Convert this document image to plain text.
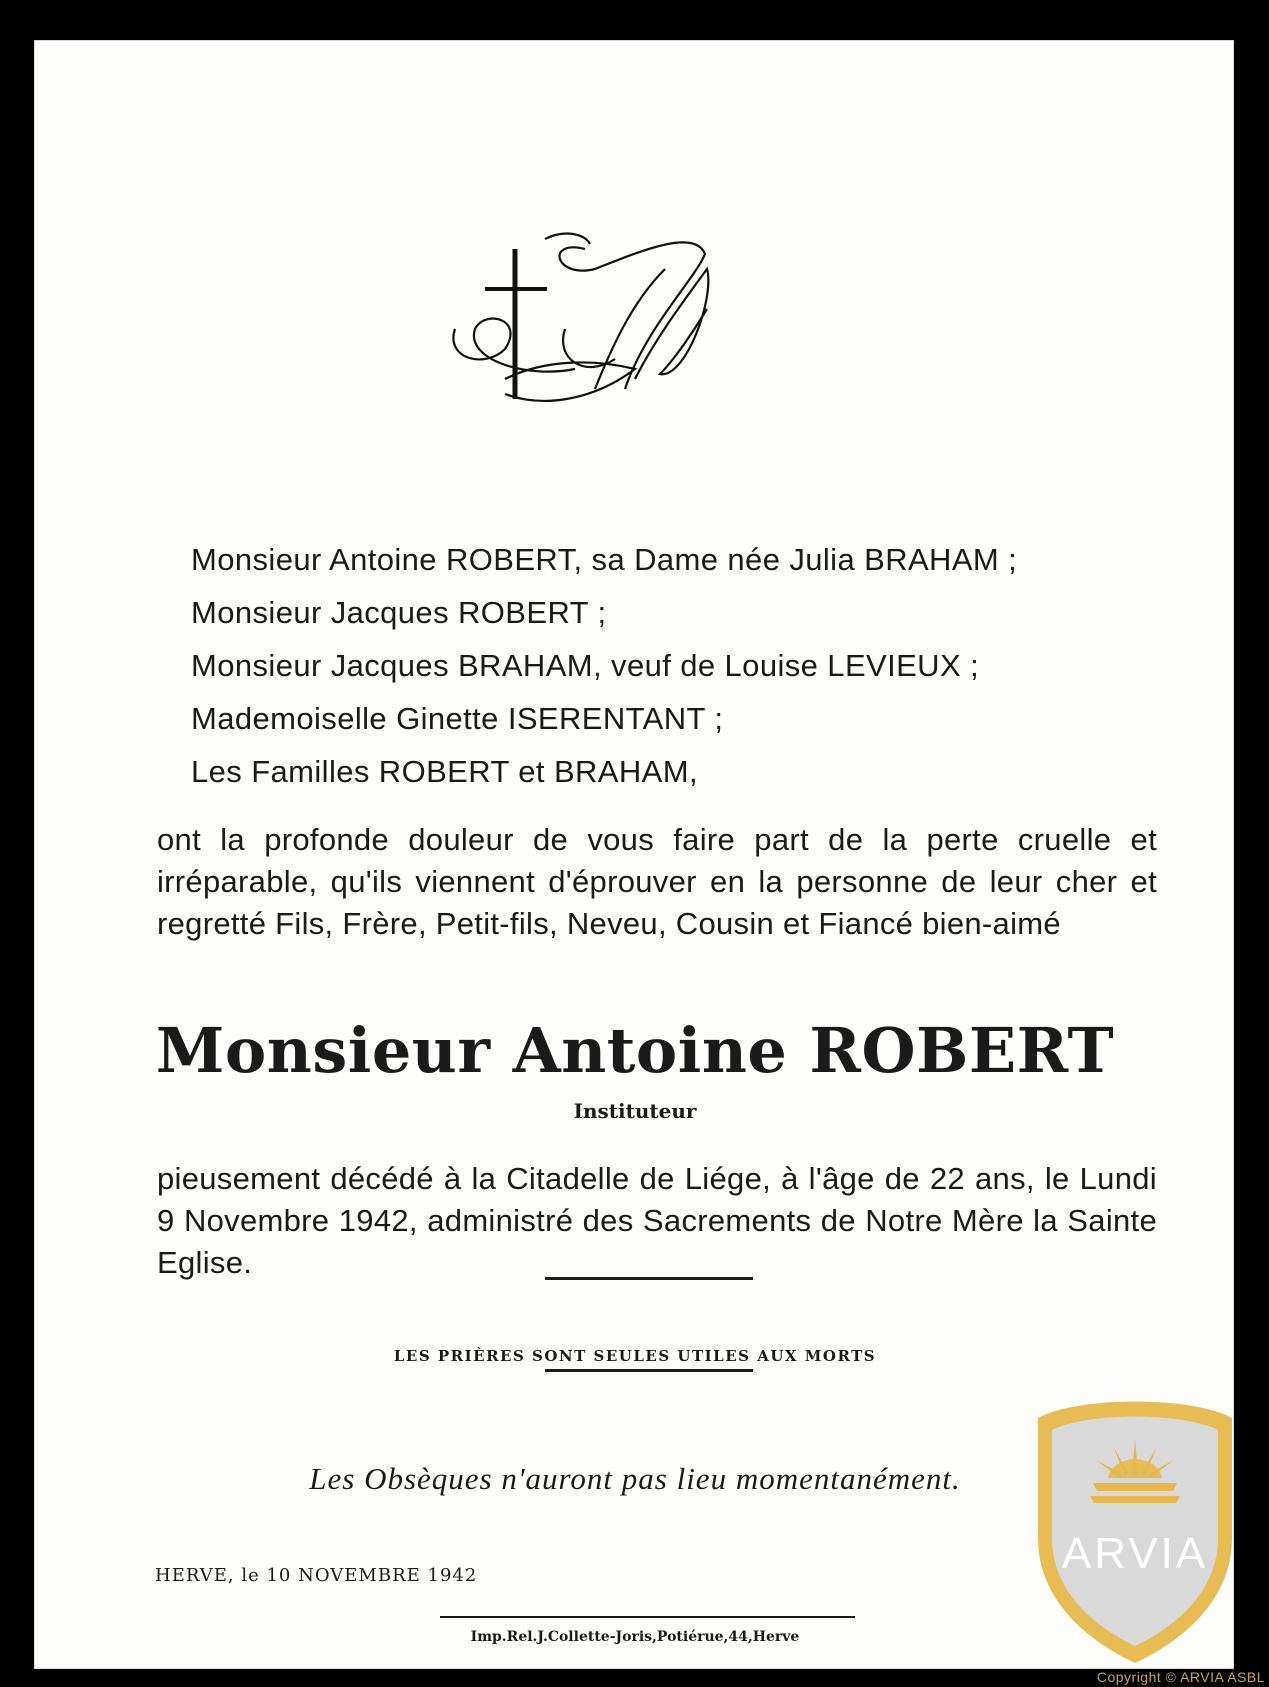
Monsieur Antoine ROBERT, sa Dame née Julia BRAHAM ;
Monsieur Jacques ROBERT ;
Monsieur Jacques BRAHAM, veuf de Louise LEVIEUX ;
Mademoiselle Ginette ISERENTANT ;
Les Familles ROBERT et BRAHAM,
ont la profonde douleur de vous faire part de la perte cruelle et irréparable, qu'ils viennent d'éprouver en la personne de leur cher et regretté Fils, Frère, Petit-fils, Neveu, Cousin et Fiancé bien-aimé
Monsieur Antoine ROBERT
Instituteur
pieusement décédé à la Citadelle de Liége, à l'âge de 22 ans, le Lundi 9 Novembre 1942, administré des Sacrements de Notre Mère la Sainte Eglise.
LES PRIÈRES SONT SEULES UTILES AUX MORTS
Les Obsèques n'auront pas lieu momentanément.
HERVE, le 10 NOVEMBRE 1942
Imp.Rel.J.Collette-Joris,Potiérue,44,Herve
ARVIA
Copyright © ARVIA ASBL
